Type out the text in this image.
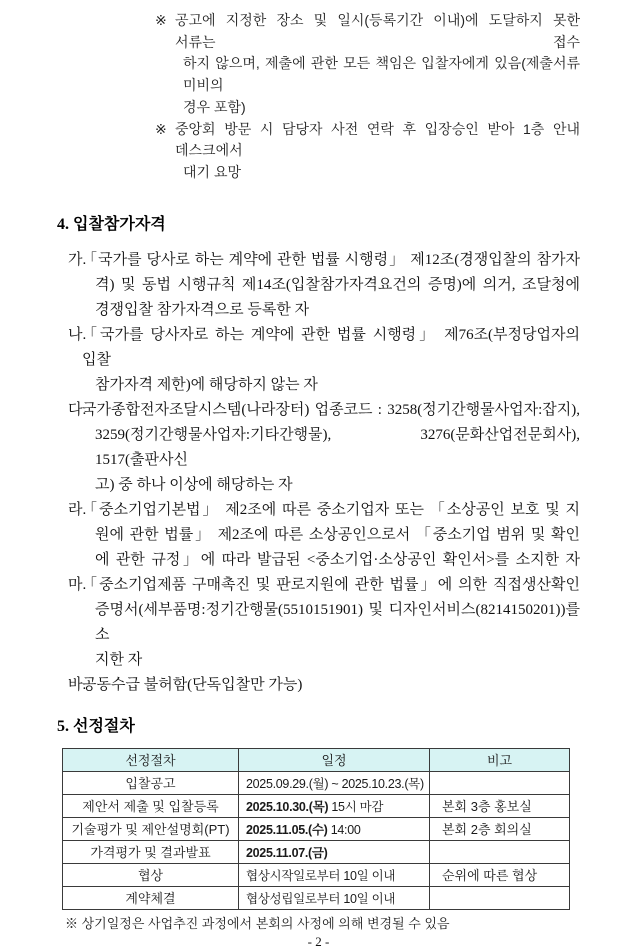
※ 공고에 지정한 장소 및 일시(등록기간 이내)에 도달하지 못한 서류는 접수
하지 않으며, 제출에 관한 모든 책임은 입찰자에게 있음(제출서류 미비의
경우 포함)
※ 중앙회 방문 시 담당자 사전 연락 후 입장승인 받아 1층 안내 데스크에서
대기 요망
4. 입찰참가자격
가.
「국가를 당사로 하는 계약에 관한 법률 시행령」 제12조(경쟁입찰의 참가자
격) 및 동법 시행규칙 제14조(입찰참가자격요건의 증명)에 의거, 조달청에
경쟁입찰 참가자격으로 등록한 자
나.
「국가를 당사자로 하는 계약에 관한 법률 시행령」 제76조(부정당업자의 입찰
참가자격 제한)에 해당하지 않는 자
다.
국가종합전자조달시스템(나라장터) 업종코드 : 3258(정기간행물사업자:잡지),
3259(정기간행물사업자:기타간행물), 3276(문화산업전문회사), 1517(출판사신
고) 중 하나 이상에 해당하는 자
라.
「중소기업기본법」 제2조에 따른 중소기업자 또는 「소상공인 보호 및 지
원에 관한 법률」 제2조에 따른 소상공인으로서 「중소기업 범위 및 확인
에 관한 규정」에 따라 발급된 <중소기업·소상공인 확인서>를 소지한 자
마.
「중소기업제품 구매촉진 및 판로지원에 관한 법률」에 의한 직접생산확인
증명서(세부품명:정기간행물(5510151901) 및 디자인서비스(8214150201))를 소
지한 자
바.
공동수급 불허함(단독입찰만 가능)
5. 선정절차
선정절차	일정	비고
입찰공고	2025.09.29.(월) ~ 2025.10.23.(목)	
제안서 제출 및 입찰등록	2025.10.30.(목) 15시 마감	본회 3층 홍보실
기술평가 및 제안설명회(PT)	2025.11.05.(수) 14:00	본회 2층 회의실
가격평가 및 결과발표	2025.11.07.(금)	
협상	협상시작일로부터 10일 이내	순위에 따른 협상
계약체결	협상성립일로부터 10일 이내	
※ 상기일정은 사업추진 과정에서 본회의 사정에 의해 변경될 수 있음
- 2 -
